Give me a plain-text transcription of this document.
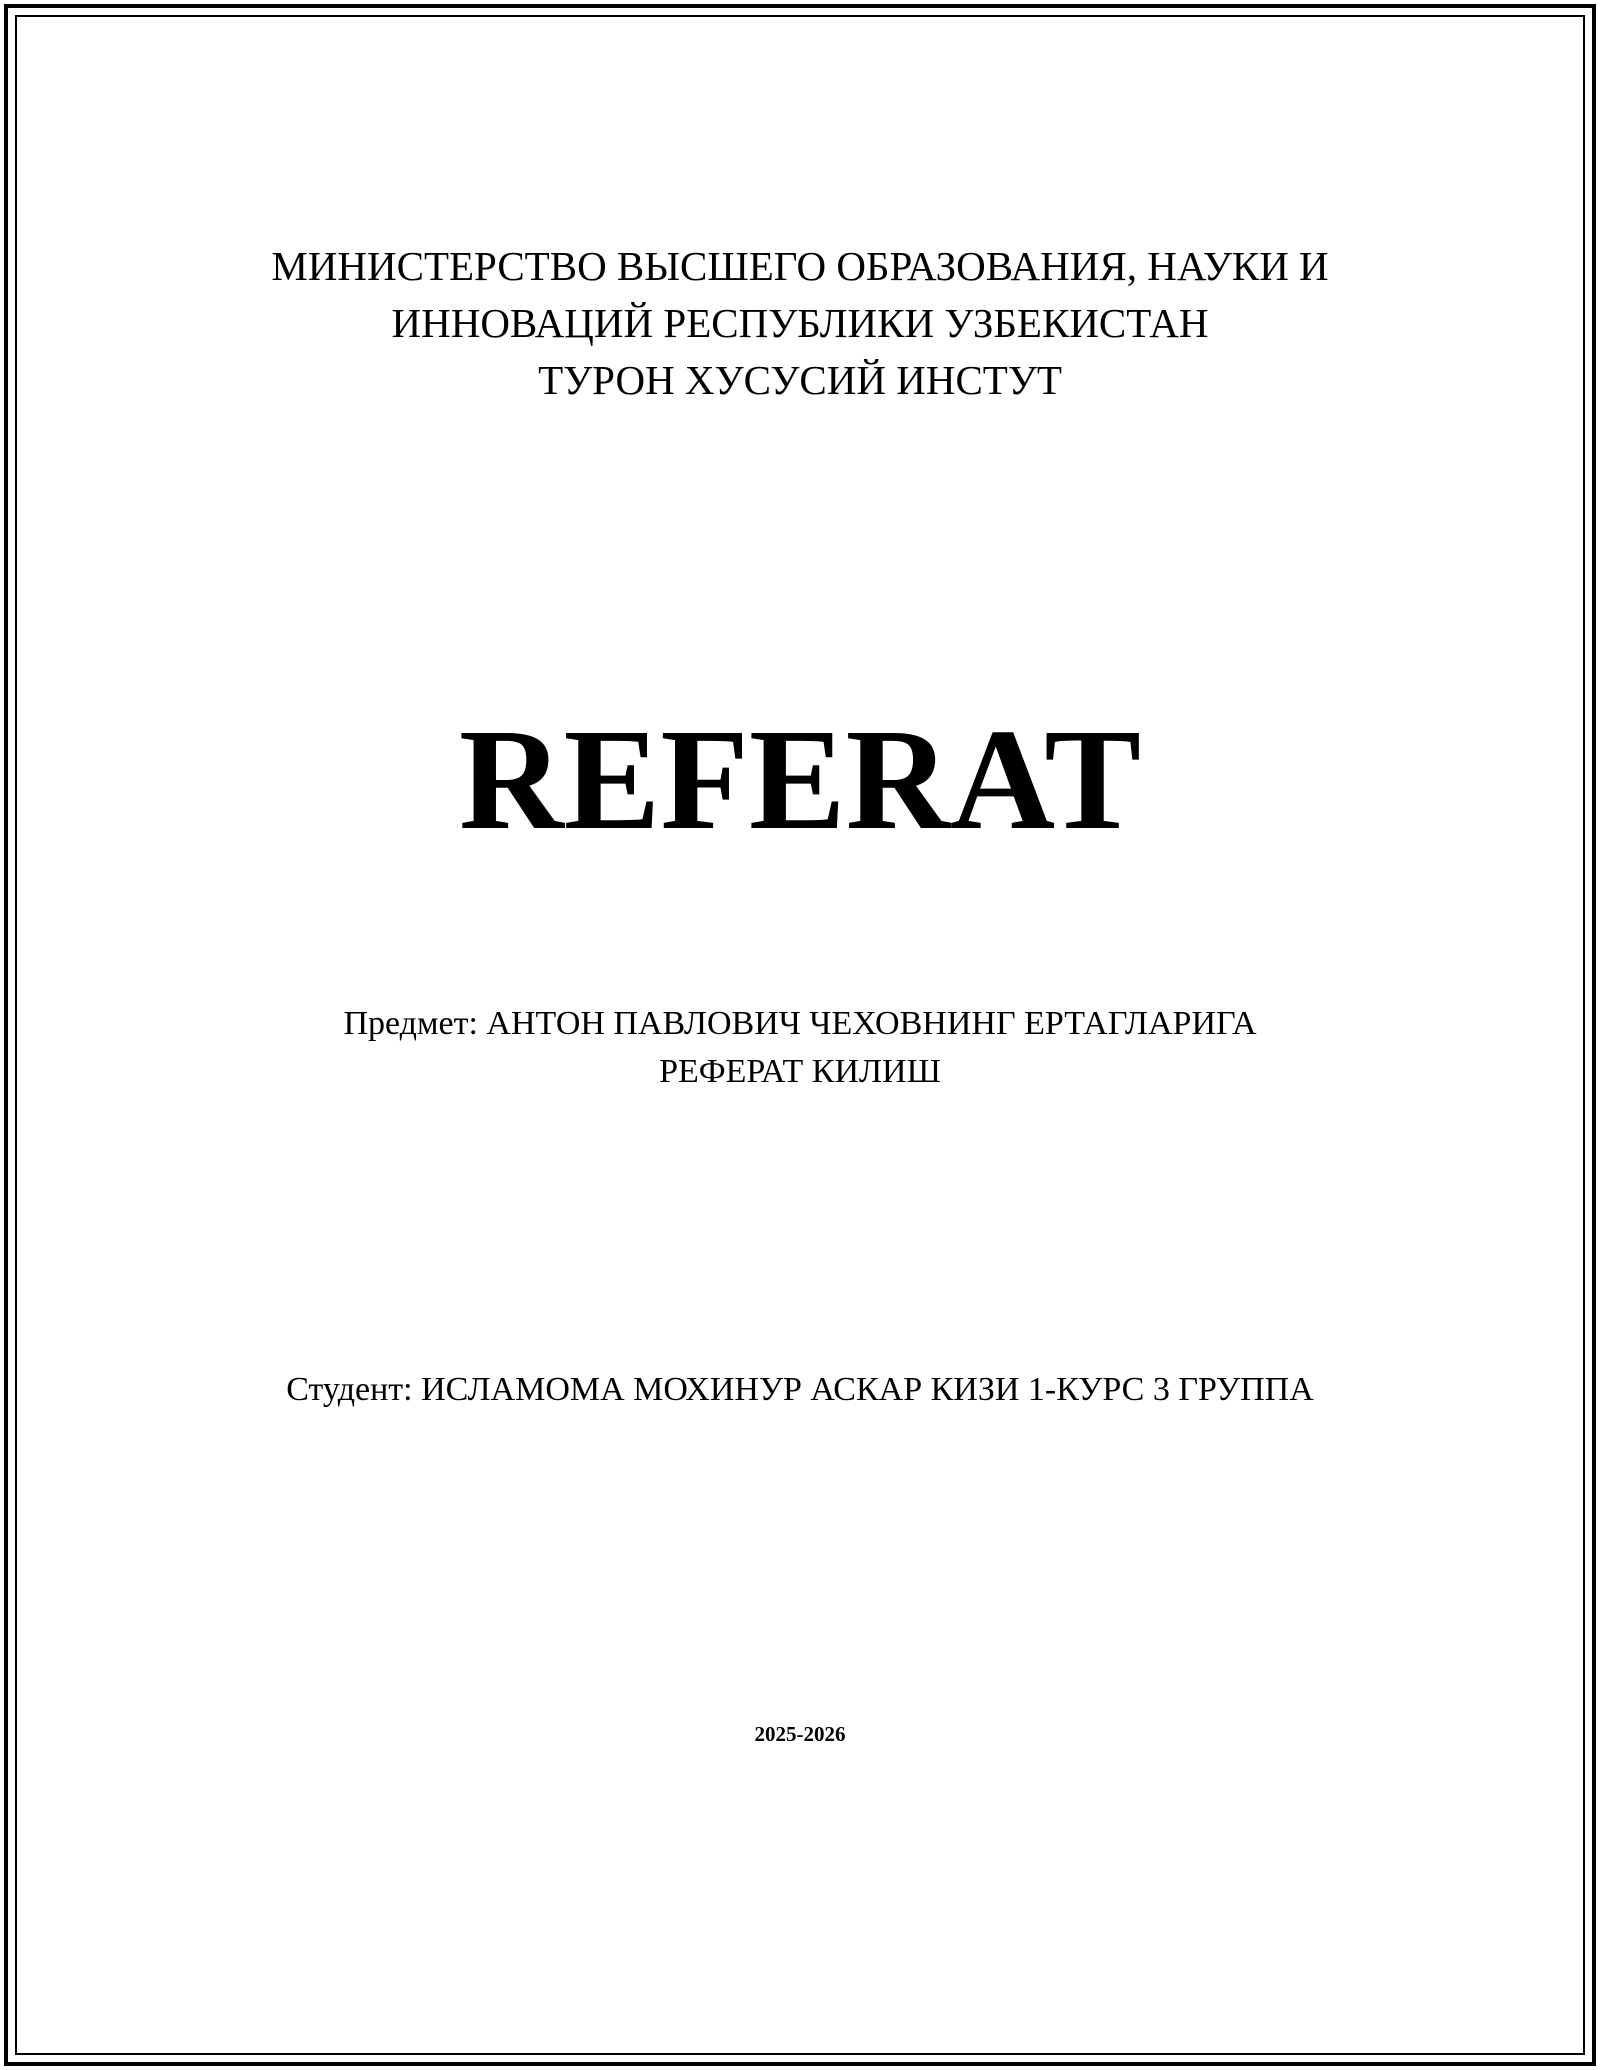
МИНИСТЕРСТВО ВЫСШЕГО ОБРАЗОВАНИЯ, НАУКИ И
ИННОВАЦИЙ РЕСПУБЛИКИ УЗБЕКИСТАН
ТУРОН ХУСУСИЙ ИНСТУТ
REFERAT
Предмет: АНТОН ПАВЛОВИЧ ЧЕХОВНИНГ ЕРТАГЛАРИГА
РЕФЕРАТ КИЛИШ
Студент: ИСЛАМОМА МОХИНУР АСКАР КИЗИ 1-КУРС 3 ГРУППА
2025-2026
